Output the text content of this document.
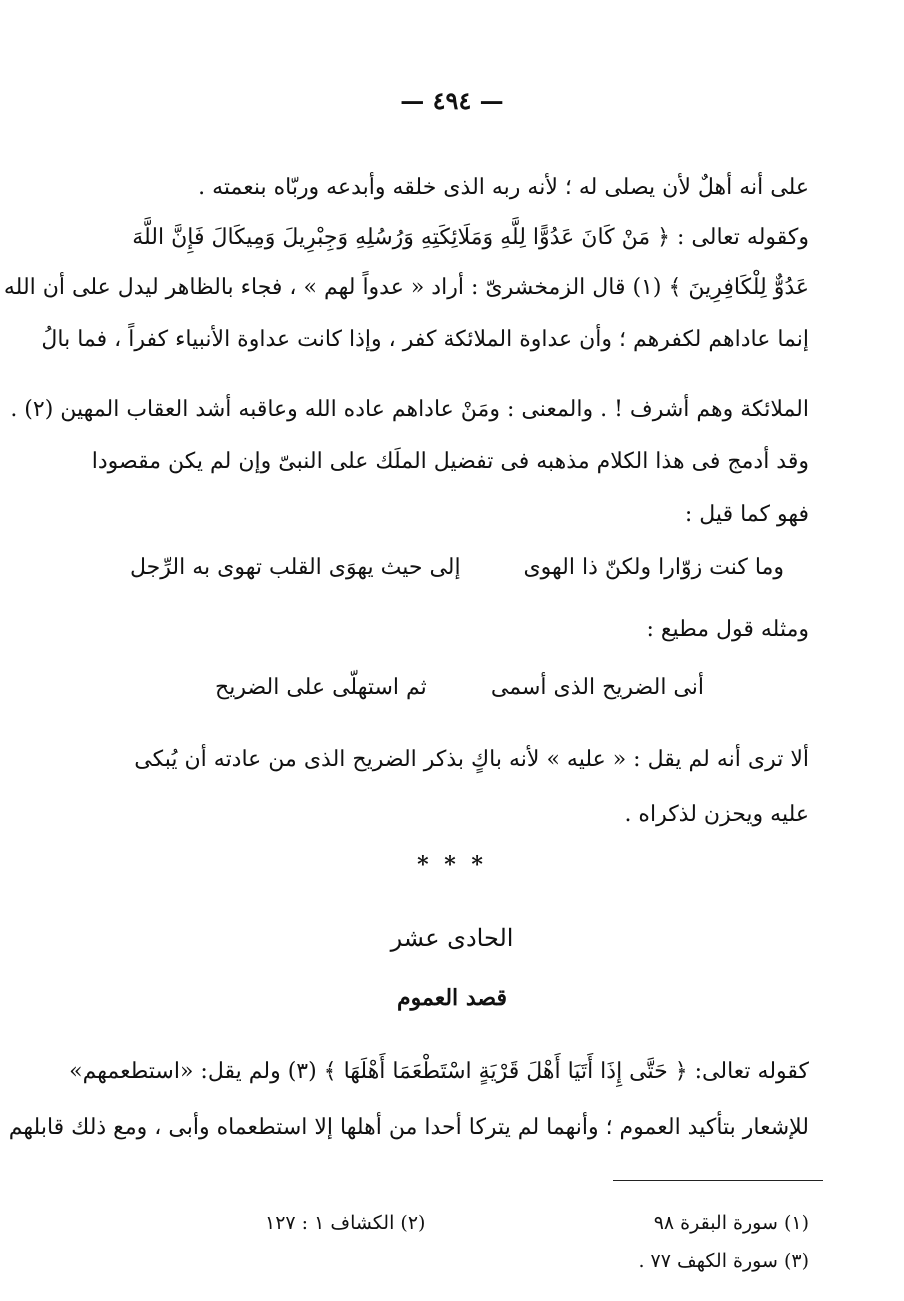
— ٤٩٤ —
على أنه أهلٌ لأن يصلى له ؛ لأنه ربه الذى خلقه وأبدعه وربّاه بنعمته .
وكقوله تعالى : ﴿ مَنْ كَانَ عَدُوًّا لِلَّهِ وَمَلَائِكَتِهِ وَرُسُلِهِ وَجِبْرِيلَ وَمِيكَالَ فَإِنَّ اللَّهَ
عَدُوٌّ لِلْكَافِرِينَ ﴾ (١) قال الزمخشرىّ : أراد « عدواً لهم » ، فجاء بالظاهر ليدل على أن الله
إنما عاداهم لكفرهم ؛ وأن عداوة الملائكة كفر ، وإذا كانت عداوة الأنبياء كفراً ، فما بالُ
الملائكة وهم أشرف ! . والمعنى : ومَنْ عاداهم عاده الله وعاقبه أشد العقاب المهين (٢) .
وقد أدمج فى هذا الكلام مذهبه فى تفضيل الملَك على النبىّ وإن لم يكن مقصودا
فهو كما قيل :
وما كنت زوّارا ولكنّ ذا الهوى
إلى حيث يهوَى القلب تهوى به الرِّجل
ومثله قول مطيع :
أنى الضريح الذى أسمى
ثم استهلّى على الضريح
ألا ترى أنه لم يقل : « عليه » لأنه باكٍ بذكر الضريح الذى من عادته أن يُبكى
عليه ويحزن لذكراه .
* * *
الحادى عشر
قصد العموم
كقوله تعالى: ﴿ حَتَّى إِذَا أَتَيَا أَهْلَ قَرْيَةٍ اسْتَطْعَمَا أَهْلَهَا ﴾ (٣) ولم يقل: «استطعمهم»
للإشعار بتأكيد العموم ؛ وأنهما لم يتركا أحدا من أهلها إلا استطعماه وأبى ، ومع ذلك قابلهم
(١) سورة البقرة ٩٨
(٢) الكشاف ١ : ١٢٧
(٣) سورة الكهف ٧٧ .
